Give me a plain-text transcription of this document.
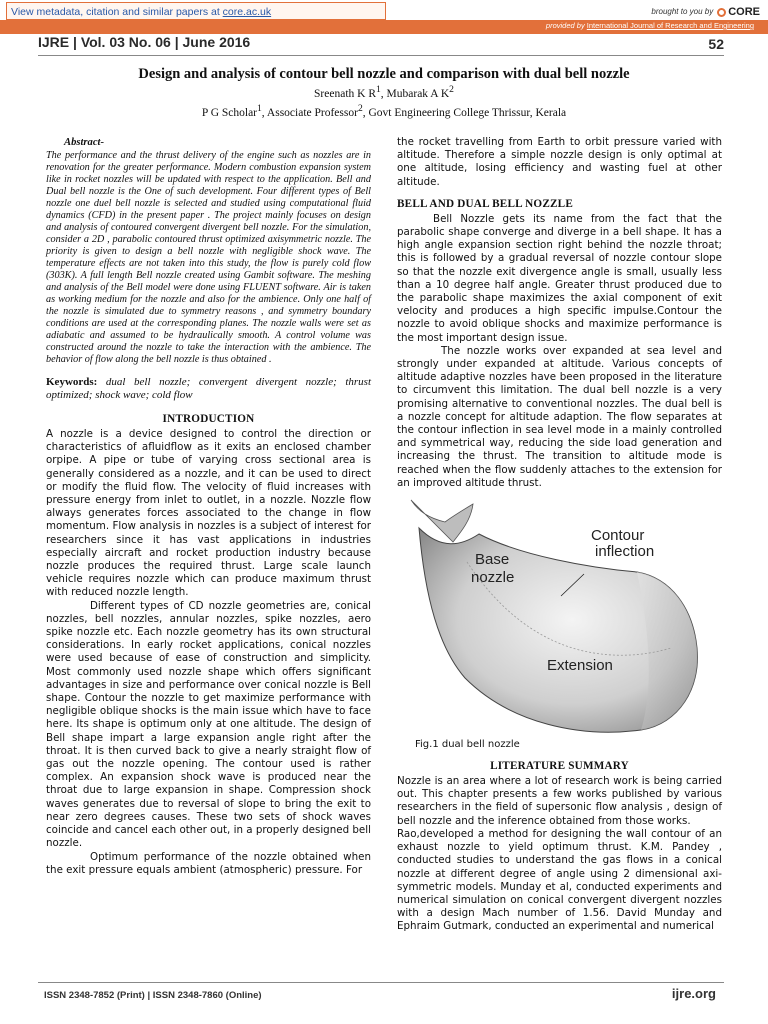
View metadata, citation and similar papers at core.ac.uk	brought to you by CORE
provided by International Journal of Research and Engineering
IJRE | Vol. 03 No. 06 | June 2016	52
Design and analysis of contour bell nozzle and comparison with dual bell nozzle
Sreenath K $R^1$, Mubarak A $K^2$
P G Scholar$^1$, Associate Professor$^2$, Govt Engineering College Thrissur, Kerala

Abstract-

The performance and the thrust delivery of the engine such as nozzles are in renovation for the greater performance. Modern combustion expansion system like in rocket nozzles will be updated with respect to the application. Bell and Dual bell nozzle is the One of such development. Four different types of Bell nozzle one duel bell nozzle is selected and studied using computational fluid dynamics (CFD) in the present paper . The project mainly focuses on design and analysis of contoured convergent divergent bell nozzle. For the simulation, consider a 2D , parabolic contoured thrust optimized axisymmetric nozzle. The priority is given to design a bell nozzle with negligible shock wave. The temperature effects are not taken into this study, the flow is purely cold flow (303K). A full length Bell nozzle created using Gambit software. The meshing and analysis of the Bell model were done using FLUENT software. Air is taken as working medium for the nozzle and also for the ambience. Only one half of the nozzle is simulated due to symmetry reasons , and symmetry boundary conditions are used at the corresponding planes. The nozzle walls were set as adiabatic and assumed to be hydraulically smooth. A control volume was constructed around the nozzle to take the interaction with the ambience. The behavior of flow along the bell nozzle is thus obtained .

Keywords: dual bell nozzle; convergent divergent nozzle; thrust optimized; shock wave; cold flow

INTRODUCTION

A nozzle is a device designed to control the direction or characteristics of afluidflow as it exits an enclosed chamber orpipe. A pipe or tube of varying cross sectional area is generally considered as a nozzle, and it can be used to direct or modify the fluid flow. The velocity of fluid increases with pressure energy from inlet to outlet, in a nozzle. Nozzle flow always generates forces associated to the change in flow momentum. Flow analysis in nozzles is a subject of interest for researchers since it has vast applications in industries especially aircraft and rocket production industry because nozzle produces the required thrust. Large scale launch vehicle requires nozzle which can produce maximum thrust with reduced nozzle length.

Different types of CD nozzle geometries are, conical nozzles, bell nozzles, annular nozzles, spike nozzles, aero spike nozzle etc. Each nozzle geometry has its own structural considerations. In early rocket applications, conical nozzles were used because of ease of construction and simplicity. Most commonly used nozzle shape which offers significant advantages in size and performance over conical nozzle is Bell shape. Contour the nozzle to get maximize performance with negligible oblique shocks is the main issue which have to face here. Its shape is optimum only at one altitude. The design of Bell shape impart a large expansion angle right after the throat. It is then curved back to give a nearly straight flow of gas out the nozzle opening. The contour used is rather complex. An expansion shock wave is produced near the throat due to large expansion in shape. Compression shock waves generates due to reversal of slope to bring the exit to near zero degrees causes. These two sets of shock waves coincide and cancel each other out, in a properly designed bell nozzle.

Optimum performance of the nozzle obtained when the exit pressure equals ambient (atmospheric) pressure. For

the rocket travelling from Earth to orbit pressure varied with altitude. Therefore a simple nozzle design is only optimal at one altitude, losing efficiency and wasting fuel at other altitude.

BELL AND DUAL BELL NOZZLE

Bell Nozzle gets its name from the fact that the parabolic shape converge and diverge in a bell shape. It has a high angle expansion section right behind the nozzle throat; this is followed by a gradual reversal of nozzle contour slope so that the nozzle exit divergence angle is small, usually less than a 10 degree half angle. Greater thrust produced due to the parabolic shape maximizes the axial component of exit velocity and produces a high specific impulse.Contour the nozzle to avoid oblique shocks and maximize performance is the most important design issue.

The nozzle works over expanded at sea level and strongly under expanded at altitude. Various concepts of altitude adaptive nozzles have been proposed in the literature to circumvent this limitation. The dual bell nozzle is a very promising alternative to conventional nozzles. The dual bell is a nozzle concept for altitude adaption. The flow separates at the contour inflection in sea level mode in a mainly controlled and symmetrical way, reducing the side load generation and increasing the thrust. The transition to altitude mode is reached when the flow suddenly attaches to the extension for an improved altitude thrust.

Base
nozzle
Contour
inflection
Extension
Fig.1 dual bell nozzle
LITERATURE SUMMARY

Nozzle is an area where a lot of research work is being carried out. This chapter presents a few works published by various researchers in the field of supersonic flow analysis , design of bell nozzle and the inference obtained from those works.

Rao,developed a method for designing the wall contour of an exhaust nozzle to yield optimum thrust. K.M. Pandey , conducted studies to understand the gas flows in a conical nozzle at different degree of angle using 2 dimensional axi-symmetric models. Munday et al, conducted experiments and numerical simulation on conical convergent divergent nozzles with a design Mach number of 1.56. David Munday and Ephraim Gutmark, conducted an experimental and numerical

ISSN 2348-7852 (Print) | ISSN 2348-7860 (Online)	ijre.org
